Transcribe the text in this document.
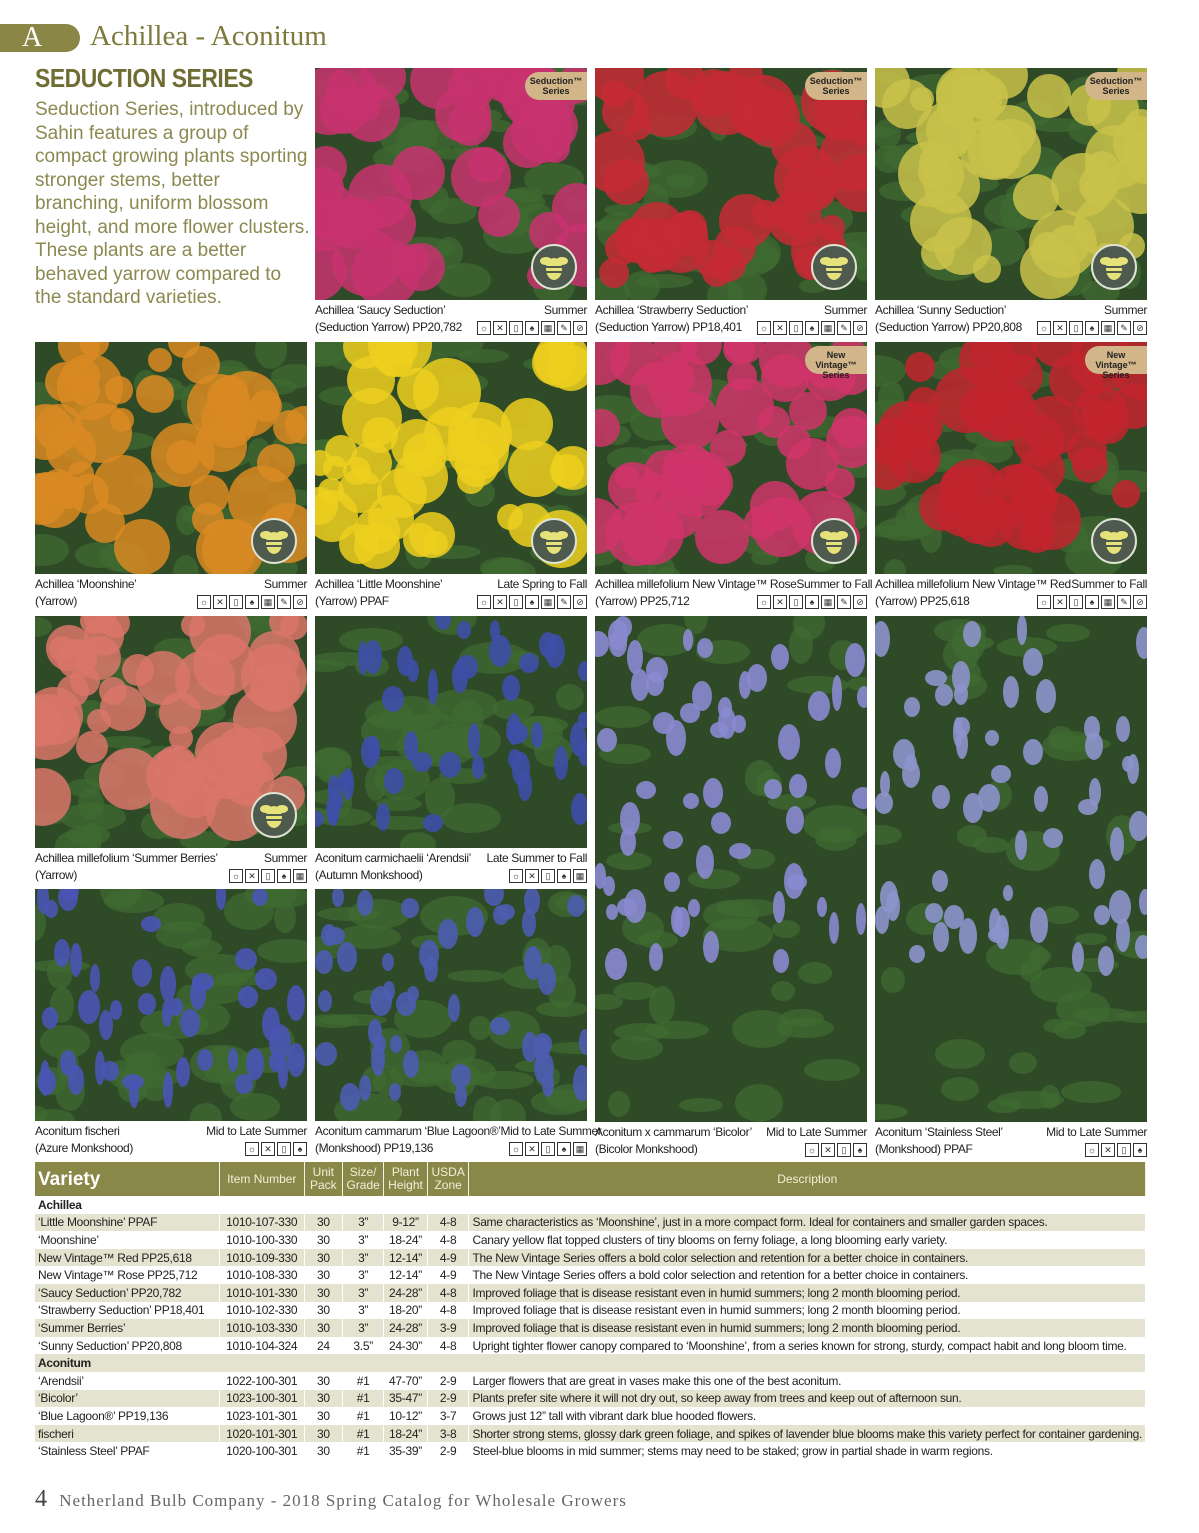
A Achillea - Aconitum
SEDUCTION SERIES
Seduction Series, introduced by Sahin features a group of compact growing plants sporting stronger stems, better branching, uniform blossom height, and more flower clusters. These plants are a better behaved yarrow compared to the standard varieties.
Seduction™ Series
Achillea ‘Saucy Seduction’	Summer
(Seduction Yarrow) PP20,782	☼ ✕	▯	♠	▦ ✎ ⊘
Seduction™ Series
Achillea ‘Strawberry Seduction’	Summer
(Seduction Yarrow) PP18,401	☼ ✕	▯	♠	▦ ✎ ⊘
Seduction™ Series
Achillea ‘Sunny Seduction’	Summer
(Seduction Yarrow) PP20,808	☼ ✕	▯	♠	▦ ✎ ⊘
Achillea ‘Moonshine’	Summer
(Yarrow)	☼ ✕	▯	♠	▦ ✎ ⊘
Achillea ‘Little Moonshine’	Late Spring to Fall
(Yarrow) PPAF	☼ ✕	▯	♠	▦ ✎ ⊘
New Vintage™ Series
Achillea millefolium New Vintage™ Rose Summer to Fall
(Yarrow) PP25,712	☼ ✕	▯	♠	▦ ✎ ⊘
New Vintage™ Series
Achillea millefolium New Vintage™ Red Summer to Fall
(Yarrow) PP25,618	☼ ✕	▯	♠	▦ ✎ ⊘
Achillea millefolium ‘Summer Berries’	Summer
(Yarrow)	☼ ✕	▯	♠	▦
Aconitum carmichaelii ‘Arendsii’ Late Summer to Fall
(Autumn Monkshood)	☼ ✕	▯	♠	▦
Aconitum fischeri	Mid to Late Summer
(Azure Monkshood)	☼ ✕	▯	♠
Aconitum cammarum ‘Blue Lagoon®’ Mid to Late Summer
(Monkshood) PP19,136	☼ ✕	▯	♠	▦
Aconitum x cammarum ‘Bicolor’ Mid to Late Summer
(Bicolor Monkshood)	☼ ✕	▯	♠
Aconitum ‘Stainless Steel’	Mid to Late Summer
(Monkshood) PPAF	☼ ✕	▯	♠
Variety	Item Number	Unit Pack	Size/ Grade	Plant Height	USDA Zone	Description
Achillea						
‘Little Moonshine’ PPAF	1010-107-330	30	3”	9-12”	4-8	Same characteristics as ‘Moonshine’, just in a more compact form. Ideal for containers and smaller garden spaces.
‘Moonshine’	1010-100-330	30	3”	18-24”	4-8	Canary yellow flat topped clusters of tiny blooms on ferny foliage, a long blooming early variety.
New Vintage™ Red PP25,618	1010-109-330	30	3”	12-14”	4-9	The New Vintage Series offers a bold color selection and retention for a better choice in containers.
New Vintage™ Rose PP25,712	1010-108-330	30	3”	12-14”	4-9	The New Vintage Series offers a bold color selection and retention for a better choice in containers.
‘Saucy Seduction’ PP20,782	1010-101-330	30	3”	24-28”	4-8	Improved foliage that is disease resistant even in humid summers; long 2 month blooming period.
‘Strawberry Seduction’ PP18,401	1010-102-330	30	3”	18-20”	4-8	Improved foliage that is disease resistant even in humid summers; long 2 month blooming period.
‘Summer Berries’	1010-103-330	30	3”	24-28”	3-9	Improved foliage that is disease resistant even in humid summers; long 2 month blooming period.
‘Sunny Seduction’ PP20,808	1010-104-324	24	3.5”	24-30”	4-8	Upright tighter flower canopy compared to ‘Moonshine’, from a series known for strong, sturdy, compact habit and long bloom time.
Aconitum						
‘Arendsii’	1022-100-301	30	#1	47-70”	2-9	Larger flowers that are great in vases make this one of the best aconitum.
‘Bicolor’	1023-100-301	30	#1	35-47”	2-9	Plants prefer site where it will not dry out, so keep away from trees and keep out of afternoon sun.
‘Blue Lagoon®’ PP19,136	1023-101-301	30	#1	10-12”	3-7	Grows just 12” tall with vibrant dark blue hooded flowers.
fischeri	1020-101-301	30	#1	18-24”	3-8	Shorter strong stems, glossy dark green foliage, and spikes of lavender blue blooms make this variety perfect for container gardening.
‘Stainless Steel’ PPAF	1020-100-301	30	#1	35-39”	2-9	Steel-blue blooms in mid summer; stems may need to be staked; grow in partial shade in warm regions.
4 Netherland Bulb Company - 2018 Spring Catalog for Wholesale Growers
